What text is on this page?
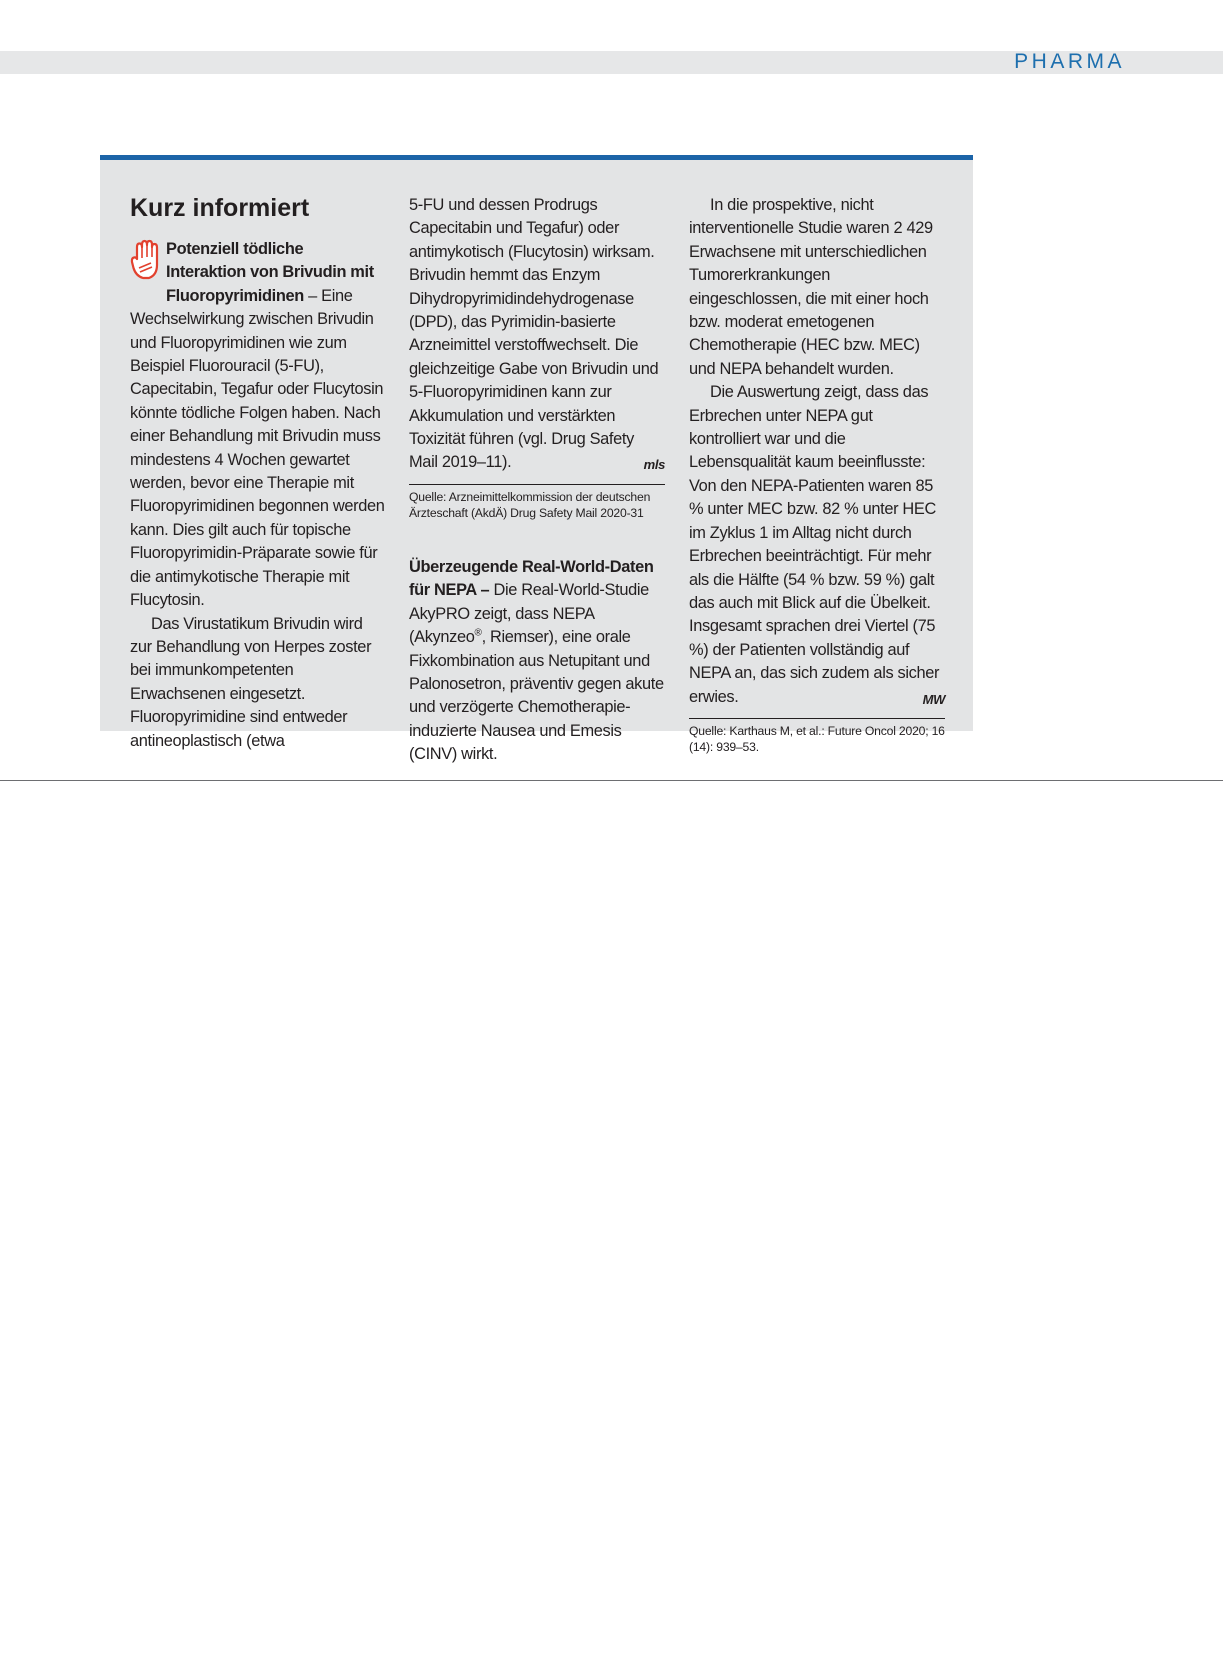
PHARMA
Kurz informiert

Potenziell tödliche Interaktion von Brivudin mit Fluoropyrimidinen – Eine Wechselwirkung zwischen Brivudin und Fluoropyrimidinen wie zum Beispiel Fluorouracil (5-FU), Capecitabin, Tegafur oder Flucytosin könnte tödliche Folgen haben. Nach einer Behandlung mit Brivudin muss mindestens 4 Wochen gewartet werden, bevor eine Therapie mit Fluoropyrimidinen begonnen werden kann. Dies gilt auch für topische Fluoropyrimidin-Präparate sowie für die antimykotische Therapie mit Flucytosin.

Das Virustatikum Brivudin wird zur Behandlung von Herpes zoster bei immunkompetenten Erwachsenen eingesetzt. Fluoropyrimidine sind entweder antineoplastisch (etwa

5-FU und dessen Prodrugs Capecitabin und Tegafur) oder antimykotisch (Flucytosin) wirksam. Brivudin hemmt das Enzym Dihydropyrimidindehydrogenase (DPD), das Pyrimidin-basierte Arzneimittel verstoffwechselt. Die gleichzeitige Gabe von Brivudin und 5-Fluoropyrimidinen kann zur Akkumulation und verstärkten Toxizität führen (vgl. Drug Safety Mail 2019–11).	mls

Quelle: Arzneimittelkommission der deutschen Ärzteschaft (AkdÄ) Drug Safety Mail 2020-31

Überzeugende Real-World-Daten für NEPA – Die Real-World-Studie AkyPRO zeigt, dass NEPA (Akynzeo®, Riemser), eine orale Fixkombination aus Netupitant und Palonosetron, präventiv gegen akute und verzögerte Chemotherapie-induzierte Nausea und Emesis (CINV) wirkt.

In die prospektive, nicht interventionelle Studie waren 2 429 Erwachsene mit unterschiedlichen Tumorerkrankungen eingeschlossen, die mit einer hoch bzw. moderat emetogenen Chemotherapie (HEC bzw. MEC) und NEPA behandelt wurden.

Die Auswertung zeigt, dass das Erbrechen unter NEPA gut kontrolliert war und die Lebensqualität kaum beeinflusste: Von den NEPA-Patienten waren 85 % unter MEC bzw. 82 % unter HEC im Zyklus 1 im Alltag nicht durch Erbrechen beeinträchtigt. Für mehr als die Hälfte (54 % bzw. 59 %) galt das auch mit Blick auf die Übelkeit. Insgesamt sprachen drei Viertel (75 %) der Patienten vollständig auf NEPA an, das sich zudem als sicher erwies.	MW

Quelle: Karthaus M, et al.: Future Oncol 2020; 16 (14): 939–53.
